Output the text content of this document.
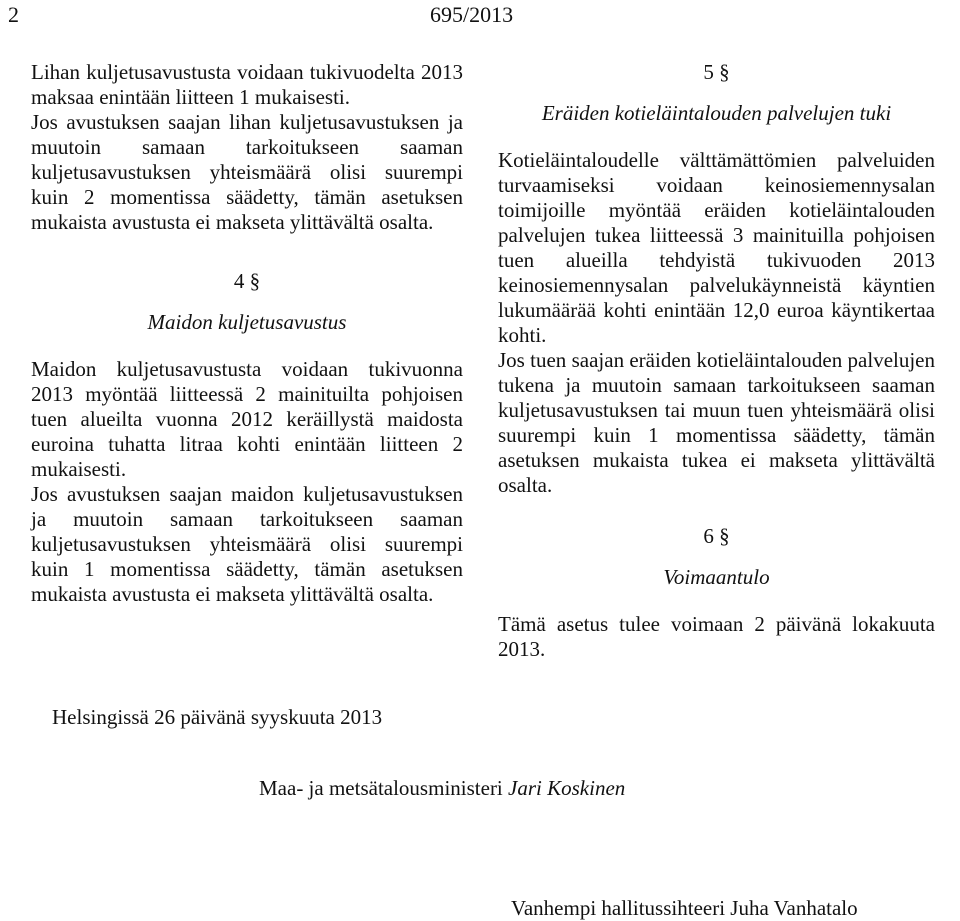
2	695/2013

Lihan kuljetusavustusta voidaan tukivuodelta 2013 maksaa enintään liitteen 1 mukaisesti.

Jos avustuksen saajan lihan kuljetusavustuksen ja muutoin samaan tarkoitukseen saaman kuljetusavustuksen yhteismäärä olisi suurempi kuin 2 momentissa säädetty, tämän asetuksen mukaista avustusta ei makseta ylittävältä osalta.

4 §
Maidon kuljetusavustus

Maidon kuljetusavustusta voidaan tukivuonna 2013 myöntää liitteessä 2 mainituilta pohjoisen tuen alueilta vuonna 2012 keräillystä maidosta euroina tuhatta litraa kohti enintään liitteen 2 mukaisesti.

Jos avustuksen saajan maidon kuljetusavustuksen ja muutoin samaan tarkoitukseen saaman kuljetusavustuksen yhteismäärä olisi suurempi kuin 1 momentissa säädetty, tämän asetuksen mukaista avustusta ei makseta ylittävältä osalta.

5 §
Eräiden kotieläintalouden palvelujen tuki

Kotieläintaloudelle välttämättömien palveluiden turvaamiseksi voidaan keinosiemennysalan toimijoille myöntää eräiden kotieläintalouden palvelujen tukea liitteessä 3 mainituilla pohjoisen tuen alueilla tehdyistä tukivuoden 2013 keinosiemennysalan palvelukäynneistä käyntien lukumäärää kohti enintään 12,0 euroa käyntikertaa kohti.

Jos tuen saajan eräiden kotieläintalouden palvelujen tukena ja muutoin samaan tarkoitukseen saaman kuljetusavustuksen tai muun tuen yhteismäärä olisi suurempi kuin 1 momentissa säädetty, tämän asetuksen mukaista tukea ei makseta ylittävältä osalta.

6 §
Voimaantulo

Tämä asetus tulee voimaan 2 päivänä lokakuuta 2013.

Helsingissä 26 päivänä syyskuuta 2013
Maa- ja metsätalousministeri Jari Koskinen
Vanhempi hallitussihteeri Juha Vanhatalo
